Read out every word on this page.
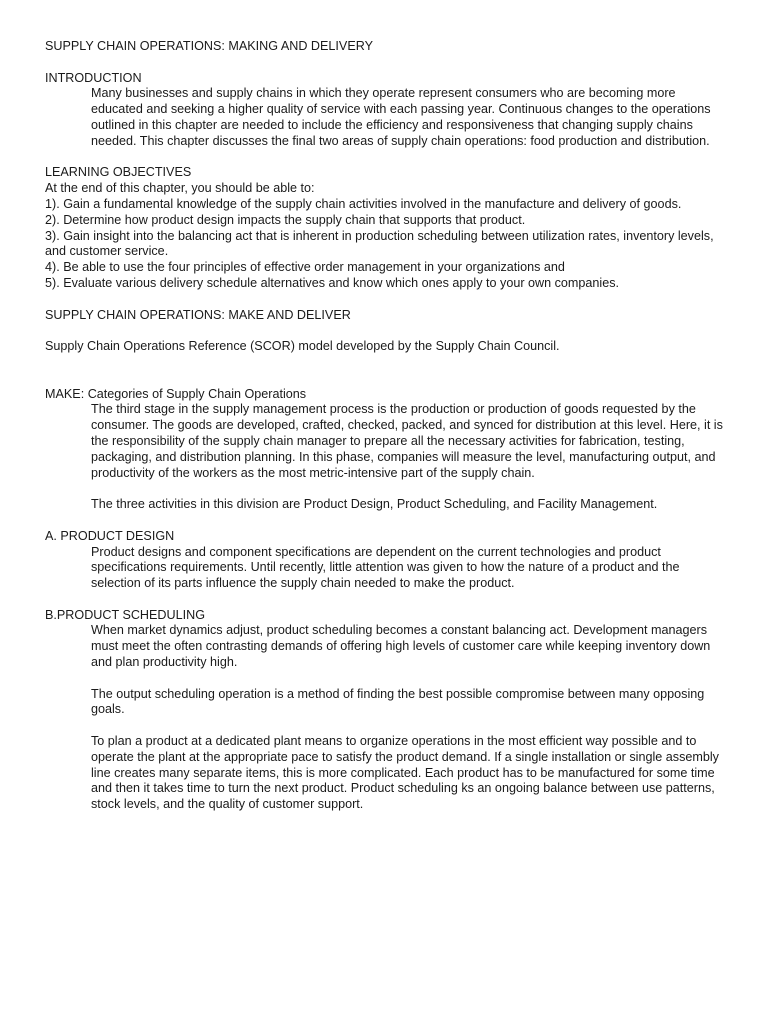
SUPPLY CHAIN OPERATIONS: MAKING AND DELIVERY

INTRODUCTION

Many businesses and supply chains in which they operate represent consumers who are becoming more educated and seeking a higher quality of service with each passing year. Continuous changes to the operations outlined in this chapter are needed to include the efficiency and responsiveness that changing supply chains needed. This chapter discusses the final two areas of supply chain operations: food production and distribution.

LEARNING OBJECTIVES

At the end of this chapter, you should be able to:

1). Gain a fundamental knowledge of the supply chain activities involved in the manufacture and delivery of goods.

2). Determine how product design impacts the supply chain that supports that product.

3). Gain insight into the balancing act that is inherent in production scheduling between utilization rates, inventory levels, and customer service.

4). Be able to use the four principles of effective order management in your organizations and

5). Evaluate various delivery schedule alternatives and know which ones apply to your own companies.

SUPPLY CHAIN OPERATIONS: MAKE AND DELIVER

Supply Chain Operations Reference (SCOR) model developed by the Supply Chain Council.

MAKE: Categories of Supply Chain Operations

The third stage in the supply management process is the production or production of goods requested by the consumer. The goods are developed, crafted, checked, packed, and synced for distribution at this level. Here, it is the responsibility of the supply chain manager to prepare all the necessary activities for fabrication, testing, packaging, and distribution planning. In this phase, companies will measure the level, manufacturing output, and productivity of the workers as the most metric-intensive part of the supply chain.

The three activities in this division are Product Design, Product Scheduling, and Facility Management.

A. PRODUCT DESIGN

Product designs and component specifications are dependent on the current technologies and product specifications requirements. Until recently, little attention was given to how the nature of a product and the selection of its parts influence the supply chain needed to make the product.

B.PRODUCT SCHEDULING

When market dynamics adjust, product scheduling becomes a constant balancing act. Development managers must meet the often contrasting demands of offering high levels of customer care while keeping inventory down and plan productivity high.

The output scheduling operation is a method of finding the best possible compromise between many opposing goals.

To plan a product at a dedicated plant means to organize operations in the most efficient way possible and to operate the plant at the appropriate pace to satisfy the product demand. If a single installation or single assembly line creates many separate items, this is more complicated. Each product has to be manufactured for some time and then it takes time to turn the next product. Product scheduling ks an ongoing balance between use patterns, stock levels, and the quality of customer support.
